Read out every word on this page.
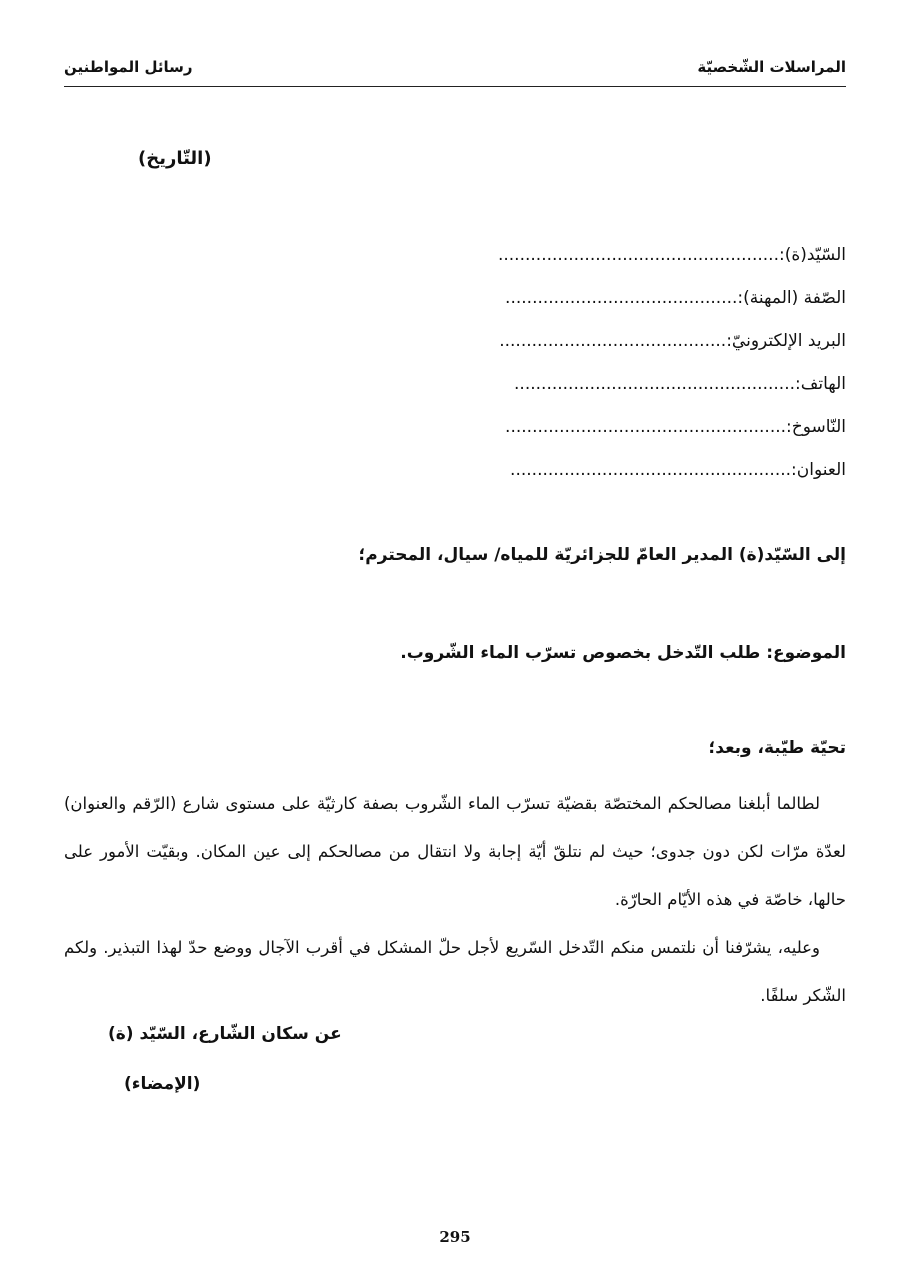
المراسلات الشّخصيّة
رسائل المواطنين
(التّاريخ)
السّيّد(ة):....................................................
الصّفة (المهنة):...........................................
البريد الإلكترونيّ:..........................................
الهاتف:....................................................
النّاسوخ:....................................................
العنوان:....................................................
إلى السّيّد(ة) المدير العامّ للجزائريّة للمياه/ سيال، المحترم؛
الموضوع: طلب التّدخل بخصوص تسرّب الماء الشّروب.
تحيّة طيّبة، وبعد؛

لطالما أبلغنا مصالحكم المختصّة بقضيّة تسرّب الماء الشّروب بصفة كارثيّة على مستوى شارع (الرّقم والعنوان) لعدّة مرّات لكن دون جدوى؛ حيث لم نتلقّ أيّة إجابة ولا انتقال من مصالحكم إلى عين المكان. وبقيّت الأمور على حالها، خاصّة في هذه الأيّام الحارّة.

وعليه، يشرّفنا أن نلتمس منكم التّدخل السّريع لأجل حلّ المشكل في أقرب الآجال ووضع حدّ لهذا التبذير. ولكم الشّكر سلفًا.

عن سكان الشّارع، السّيّد (ة)
(الإمضاء)
295
